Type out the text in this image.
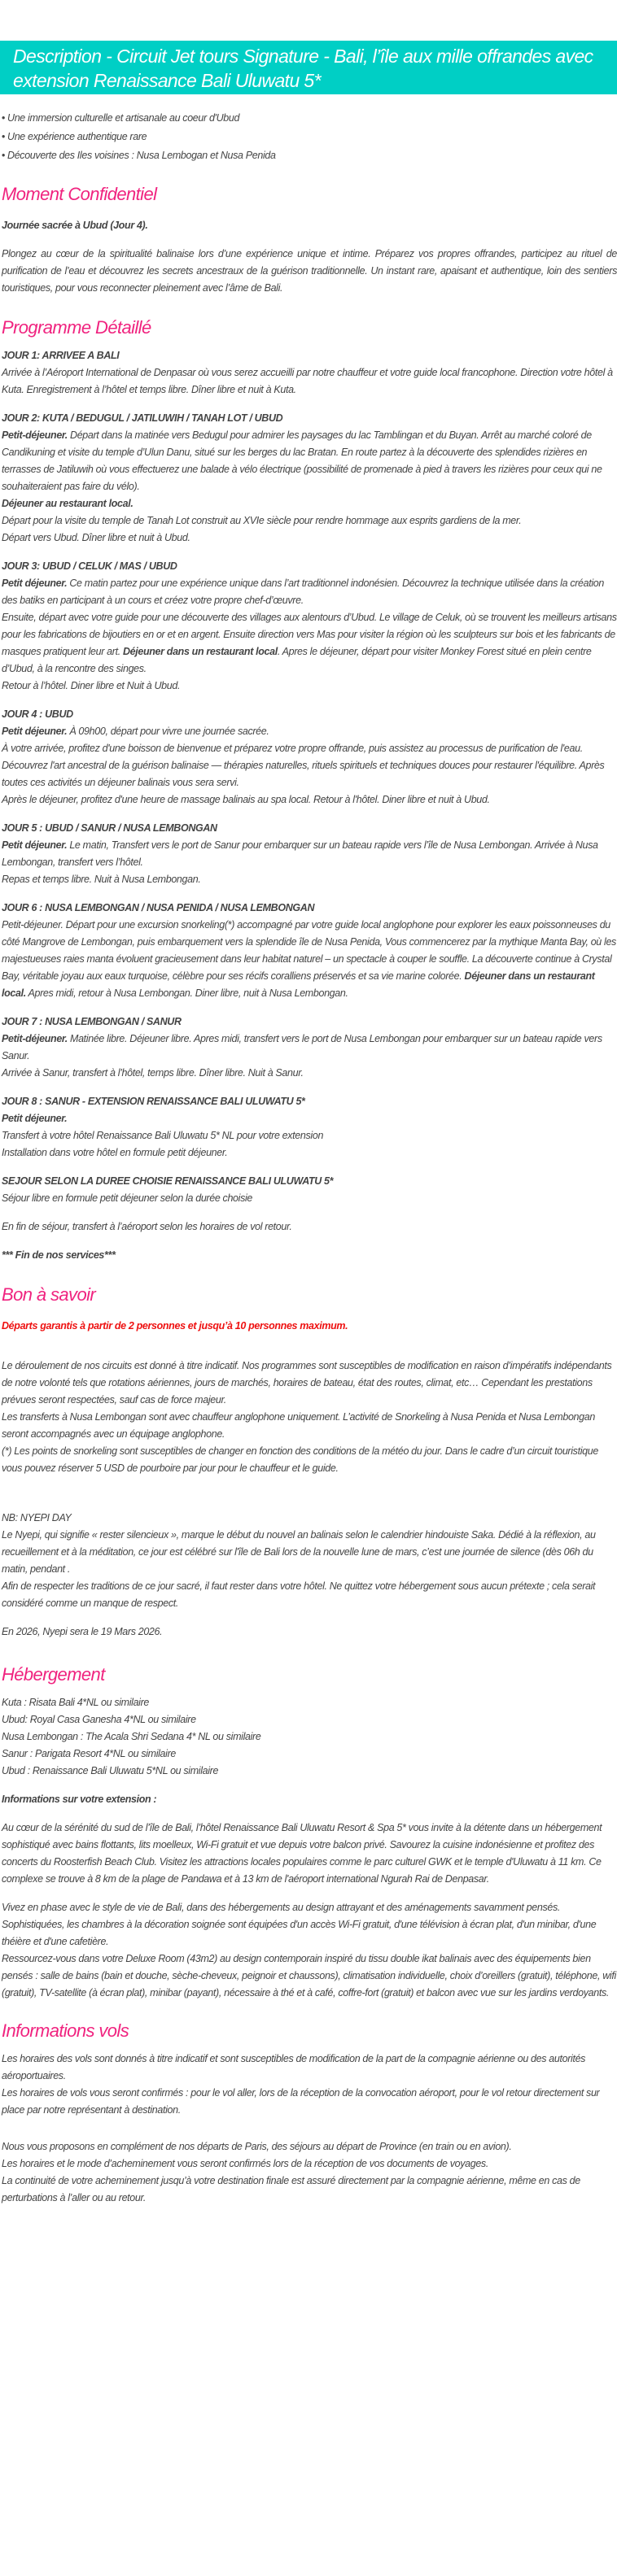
Description - Circuit Jet tours Signature - Bali, l’île aux mille offrandes avec extension Renaissance Bali Uluwatu 5*
• Une immersion culturelle et artisanale au coeur d'Ubud
• Une expérience authentique rare
• Découverte des Iles voisines : Nusa Lembogan et Nusa Penida
Moment Confidentiel

Journée sacrée à Ubud (Jour 4).

Plongez au cœur de la spiritualité balinaise lors d’une expérience unique et intime. Préparez vos propres offrandes, participez au rituel de purification de l’eau et découvrez les secrets ancestraux de la guérison traditionnelle. Un instant rare, apaisant et authentique, loin des sentiers touristiques, pour vous reconnecter pleinement avec l’âme de Bali.

Programme Détaillé

JOUR 1: ARRIVEE A BALI

Arrivée à l’Aéroport International de Denpasar où vous serez accueilli par notre chauffeur et votre guide local francophone. Direction votre hôtel à Kuta. Enregistrement à l’hôtel et temps libre. Dîner libre et nuit à Kuta.

JOUR 2: KUTA / BEDUGUL / JATILUWIH / TANAH LOT / UBUD

Petit-déjeuner. Départ dans la matinée vers Bedugul pour admirer les paysages du lac Tamblingan et du Buyan. Arrêt au marché coloré de Candikuning et visite du temple d’Ulun Danu, situé sur les berges du lac Bratan. En route partez à la découverte des splendides rizières en terrasses de Jatiluwih où vous effectuerez une balade à vélo électrique (possibilité de promenade à pied à travers les rizières pour ceux qui ne souhaiteraient pas faire du vélo).

Déjeuner au restaurant local.

Départ pour la visite du temple de Tanah Lot construit au XVIe siècle pour rendre hommage aux esprits gardiens de la mer.

Départ vers Ubud. Dîner libre et nuit à Ubud.

JOUR 3: UBUD / CELUK / MAS / UBUD

Petit déjeuner. Ce matin partez pour une expérience unique dans l’art traditionnel indonésien. Découvrez la technique utilisée dans la création des batiks en participant à un cours et créez votre propre chef-d’œuvre.

Ensuite, départ avec votre guide pour une découverte des villages aux alentours d’Ubud. Le village de Celuk, où se trouvent les meilleurs artisans pour les fabrications de bijoutiers en or et en argent. Ensuite direction vers Mas pour visiter la région où les sculpteurs sur bois et les fabricants de masques pratiquent leur art. Déjeuner dans un restaurant local. Apres le déjeuner, départ pour visiter Monkey Forest situé en plein centre d’Ubud, à la rencontre des singes.

Retour à l’hôtel. Diner libre et Nuit à Ubud.

JOUR 4 : UBUD

Petit déjeuner. À 09h00, départ pour vivre une journée sacrée.

À votre arrivée, profitez d'une boisson de bienvenue et préparez votre propre offrande, puis assistez au processus de purification de l'eau. Découvrez l'art ancestral de la guérison balinaise — thérapies naturelles, rituels spirituels et techniques douces pour restaurer l'équilibre. Après toutes ces activités un déjeuner balinais vous sera servi.

Après le déjeuner, profitez d'une heure de massage balinais au spa local. Retour à l'hôtel. Diner libre et nuit à Ubud.

JOUR 5 : UBUD / SANUR / NUSA LEMBONGAN

Petit déjeuner. Le matin, Transfert vers le port de Sanur pour embarquer sur un bateau rapide vers l’île de Nusa Lembongan. Arrivée à Nusa Lembongan, transfert vers l’hôtel.

Repas et temps libre. Nuit à Nusa Lembongan.

JOUR 6 : NUSA LEMBONGAN / NUSA PENIDA / NUSA LEMBONGAN

Petit-déjeuner. Départ pour une excursion snorkeling(*) accompagné par votre guide local anglophone pour explorer les eaux poissonneuses du côté Mangrove de Lembongan, puis embarquement vers la splendide île de Nusa Penida, Vous commencerez par la mythique Manta Bay, où les majestueuses raies manta évoluent gracieusement dans leur habitat naturel – un spectacle à couper le souffle. La découverte continue à Crystal Bay, véritable joyau aux eaux turquoise, célèbre pour ses récifs coralliens préservés et sa vie marine colorée. Déjeuner dans un restaurant local. Apres midi, retour à Nusa Lembongan. Diner libre, nuit à Nusa Lembongan.

JOUR 7 : NUSA LEMBONGAN / SANUR

Petit-déjeuner. Matinée libre. Déjeuner libre. Apres midi, transfert vers le port de Nusa Lembongan pour embarquer sur un bateau rapide vers Sanur.

Arrivée à Sanur, transfert à l’hôtel, temps libre. Dîner libre. Nuit à Sanur.

JOUR 8 : SANUR - EXTENSION RENAISSANCE BALI ULUWATU 5*

Petit déjeuner.

Transfert à votre hôtel Renaissance Bali Uluwatu 5* NL pour votre extension

Installation dans votre hôtel en formule petit déjeuner.

SEJOUR SELON LA DUREE CHOISIE RENAISSANCE BALI ULUWATU 5*

Séjour libre en formule petit déjeuner selon la durée choisie

En fin de séjour, transfert à l’aéroport selon les horaires de vol retour.

*** Fin de nos services***

Bon à savoir

Départs garantis à partir de 2 personnes et jusqu’à 10 personnes maximum.

Le déroulement de nos circuits est donné à titre indicatif. Nos programmes sont susceptibles de modification en raison d’impératifs indépendants de notre volonté tels que rotations aériennes, jours de marchés, horaires de bateau, état des routes, climat, etc… Cependant les prestations prévues seront respectées, sauf cas de force majeur.

Les transferts à Nusa Lembongan sont avec chauffeur anglophone uniquement. L’activité de Snorkeling à Nusa Penida et Nusa Lembongan seront accompagnés avec un équipage anglophone.

(*) Les points de snorkeling sont susceptibles de changer en fonction des conditions de la météo du jour. Dans le cadre d’un circuit touristique vous pouvez réserver 5 USD de pourboire par jour pour le chauffeur et le guide.

NB: NYEPI DAY

Le Nyepi, qui signifie « rester silencieux », marque le début du nouvel an balinais selon le calendrier hindouiste Saka. Dédié à la réflexion, au recueillement et à la méditation, ce jour est célébré sur l'île de Bali lors de la nouvelle lune de mars, c’est une journée de silence (dès 06h du matin, pendant .

Afin de respecter les traditions de ce jour sacré, il faut rester dans votre hôtel. Ne quittez votre hébergement sous aucun prétexte ; cela serait considéré comme un manque de respect.

En 2026, Nyepi sera le 19 Mars 2026.

Hébergement

Kuta : Risata Bali 4*NL ou similaire

Ubud: Royal Casa Ganesha 4*NL ou similaire

Nusa Lembongan : The Acala Shri Sedana 4* NL ou similaire

Sanur : Parigata Resort 4*NL ou similaire

Ubud : Renaissance Bali Uluwatu 5*NL ou similaire

Informations sur votre extension :

Au cœur de la sérénité du sud de l’île de Bali, l’hôtel Renaissance Bali Uluwatu Resort & Spa 5* vous invite à la détente dans un hébergement sophistiqué avec bains flottants, lits moelleux, Wi-Fi gratuit et vue depuis votre balcon privé. Savourez la cuisine indonésienne et profitez des concerts du Roosterfish Beach Club. Visitez les attractions locales populaires comme le parc culturel GWK et le temple d'Uluwatu à 11 km. Ce complexe se trouve à 8 km de la plage de Pandawa et à 13 km de l'aéroport international Ngurah Rai de Denpasar.

Vivez en phase avec le style de vie de Bali, dans des hébergements au design attrayant et des aménagements savamment pensés. Sophistiquées, les chambres à la décoration soignée sont équipées d'un accès Wi-Fi gratuit, d'une télévision à écran plat, d'un minibar, d'une théière et d'une cafetière.

Ressourcez-vous dans votre Deluxe Room (43m2) au design contemporain inspiré du tissu double ikat balinais avec des équipements bien pensés : salle de bains (bain et douche, sèche-cheveux, peignoir et chaussons), climatisation individuelle, choix d’oreillers (gratuit), téléphone, wifi (gratuit), TV-satellite (à écran plat), minibar (payant), nécessaire à thé et à café, coffre-fort (gratuit) et balcon avec vue sur les jardins verdoyants.

Informations vols

Les horaires des vols sont donnés à titre indicatif et sont susceptibles de modification de la part de la compagnie aérienne ou des autorités aéroportuaires.

Les horaires de vols vous seront confirmés : pour le vol aller, lors de la réception de la convocation aéroport, pour le vol retour directement sur place par notre représentant à destination.

Nous vous proposons en complément de nos départs de Paris, des séjours au départ de Province (en train ou en avion).

Les horaires et le mode d’acheminement vous seront confirmés lors de la réception de vos documents de voyages.

La continuité de votre acheminement jusqu’à votre destination finale est assuré directement par la compagnie aérienne, même en cas de perturbations à l’aller ou au retour.
